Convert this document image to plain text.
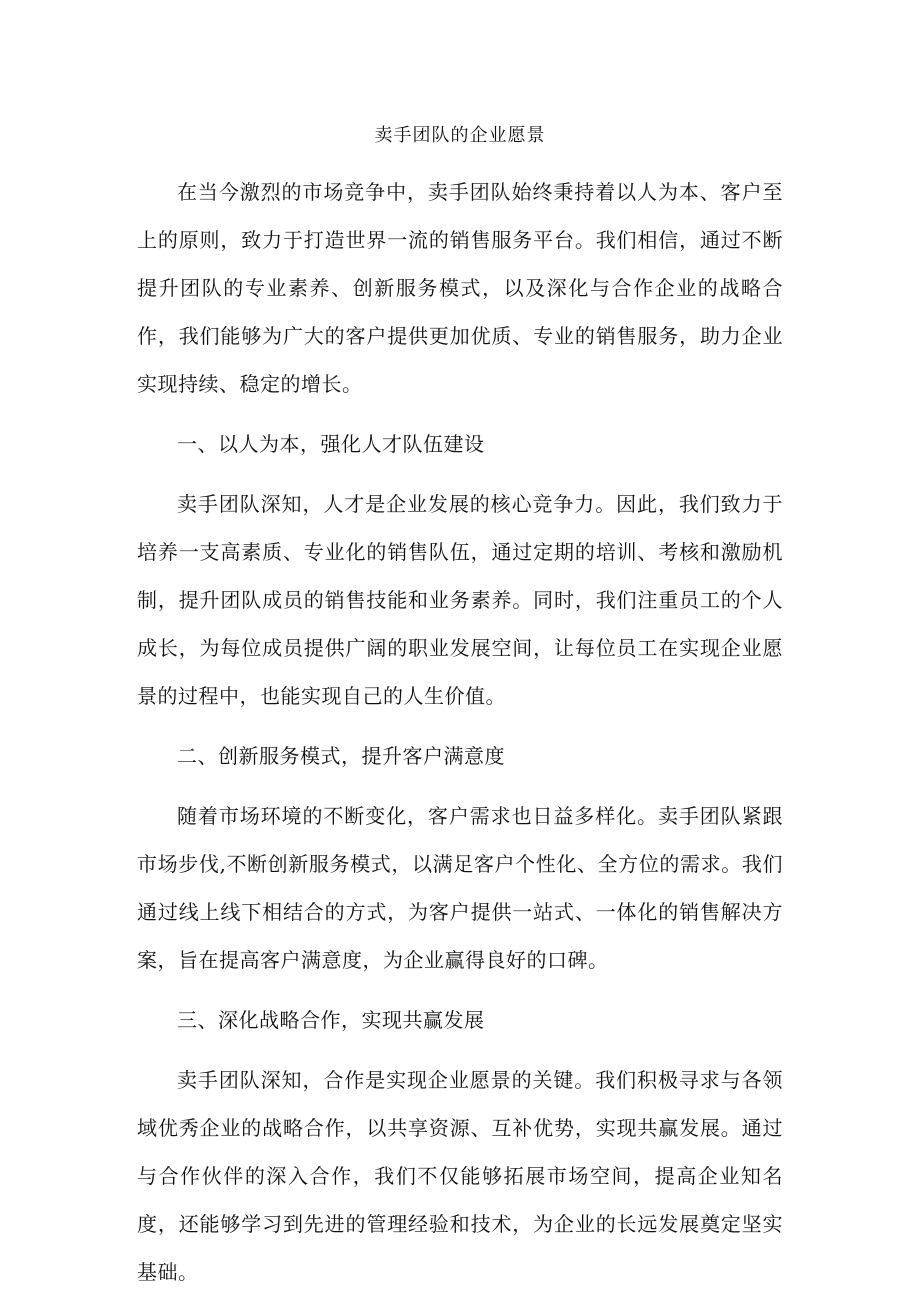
卖手团队的企业愿景

在当今激烈的市场竞争中，卖手团队始终秉持着以人为本、客户至上的原则，致力于打造世界一流的销售服务平台。我们相信，通过不断提升团队的专业素养、创新服务模式，以及深化与合作企业的战略合作，我们能够为广大的客户提供更加优质、专业的销售服务，助力企业实现持续、稳定的增长。

一、以人为本，强化人才队伍建设

卖手团队深知，人才是企业发展的核心竞争力。因此，我们致力于培养一支高素质、专业化的销售队伍，通过定期的培训、考核和激励机制，提升团队成员的销售技能和业务素养。同时，我们注重员工的个人成长，为每位成员提供广阔的职业发展空间，让每位员工在实现企业愿景的过程中，也能实现自己的人生价值。

二、创新服务模式，提升客户满意度

随着市场环境的不断变化，客户需求也日益多样化。卖手团队紧跟市场步伐,不断创新服务模式，以满足客户个性化、全方位的需求。我们通过线上线下相结合的方式，为客户提供一站式、一体化的销售解决方案，旨在提高客户满意度，为企业赢得良好的口碑。

三、深化战略合作，实现共赢发展

卖手团队深知，合作是实现企业愿景的关键。我们积极寻求与各领域优秀企业的战略合作，以共享资源、互补优势，实现共赢发展。通过与合作伙伴的深入合作，我们不仅能够拓展市场空间，提高企业知名度，还能够学习到先进的管理经验和技术，为企业的长远发展奠定坚实基础。
